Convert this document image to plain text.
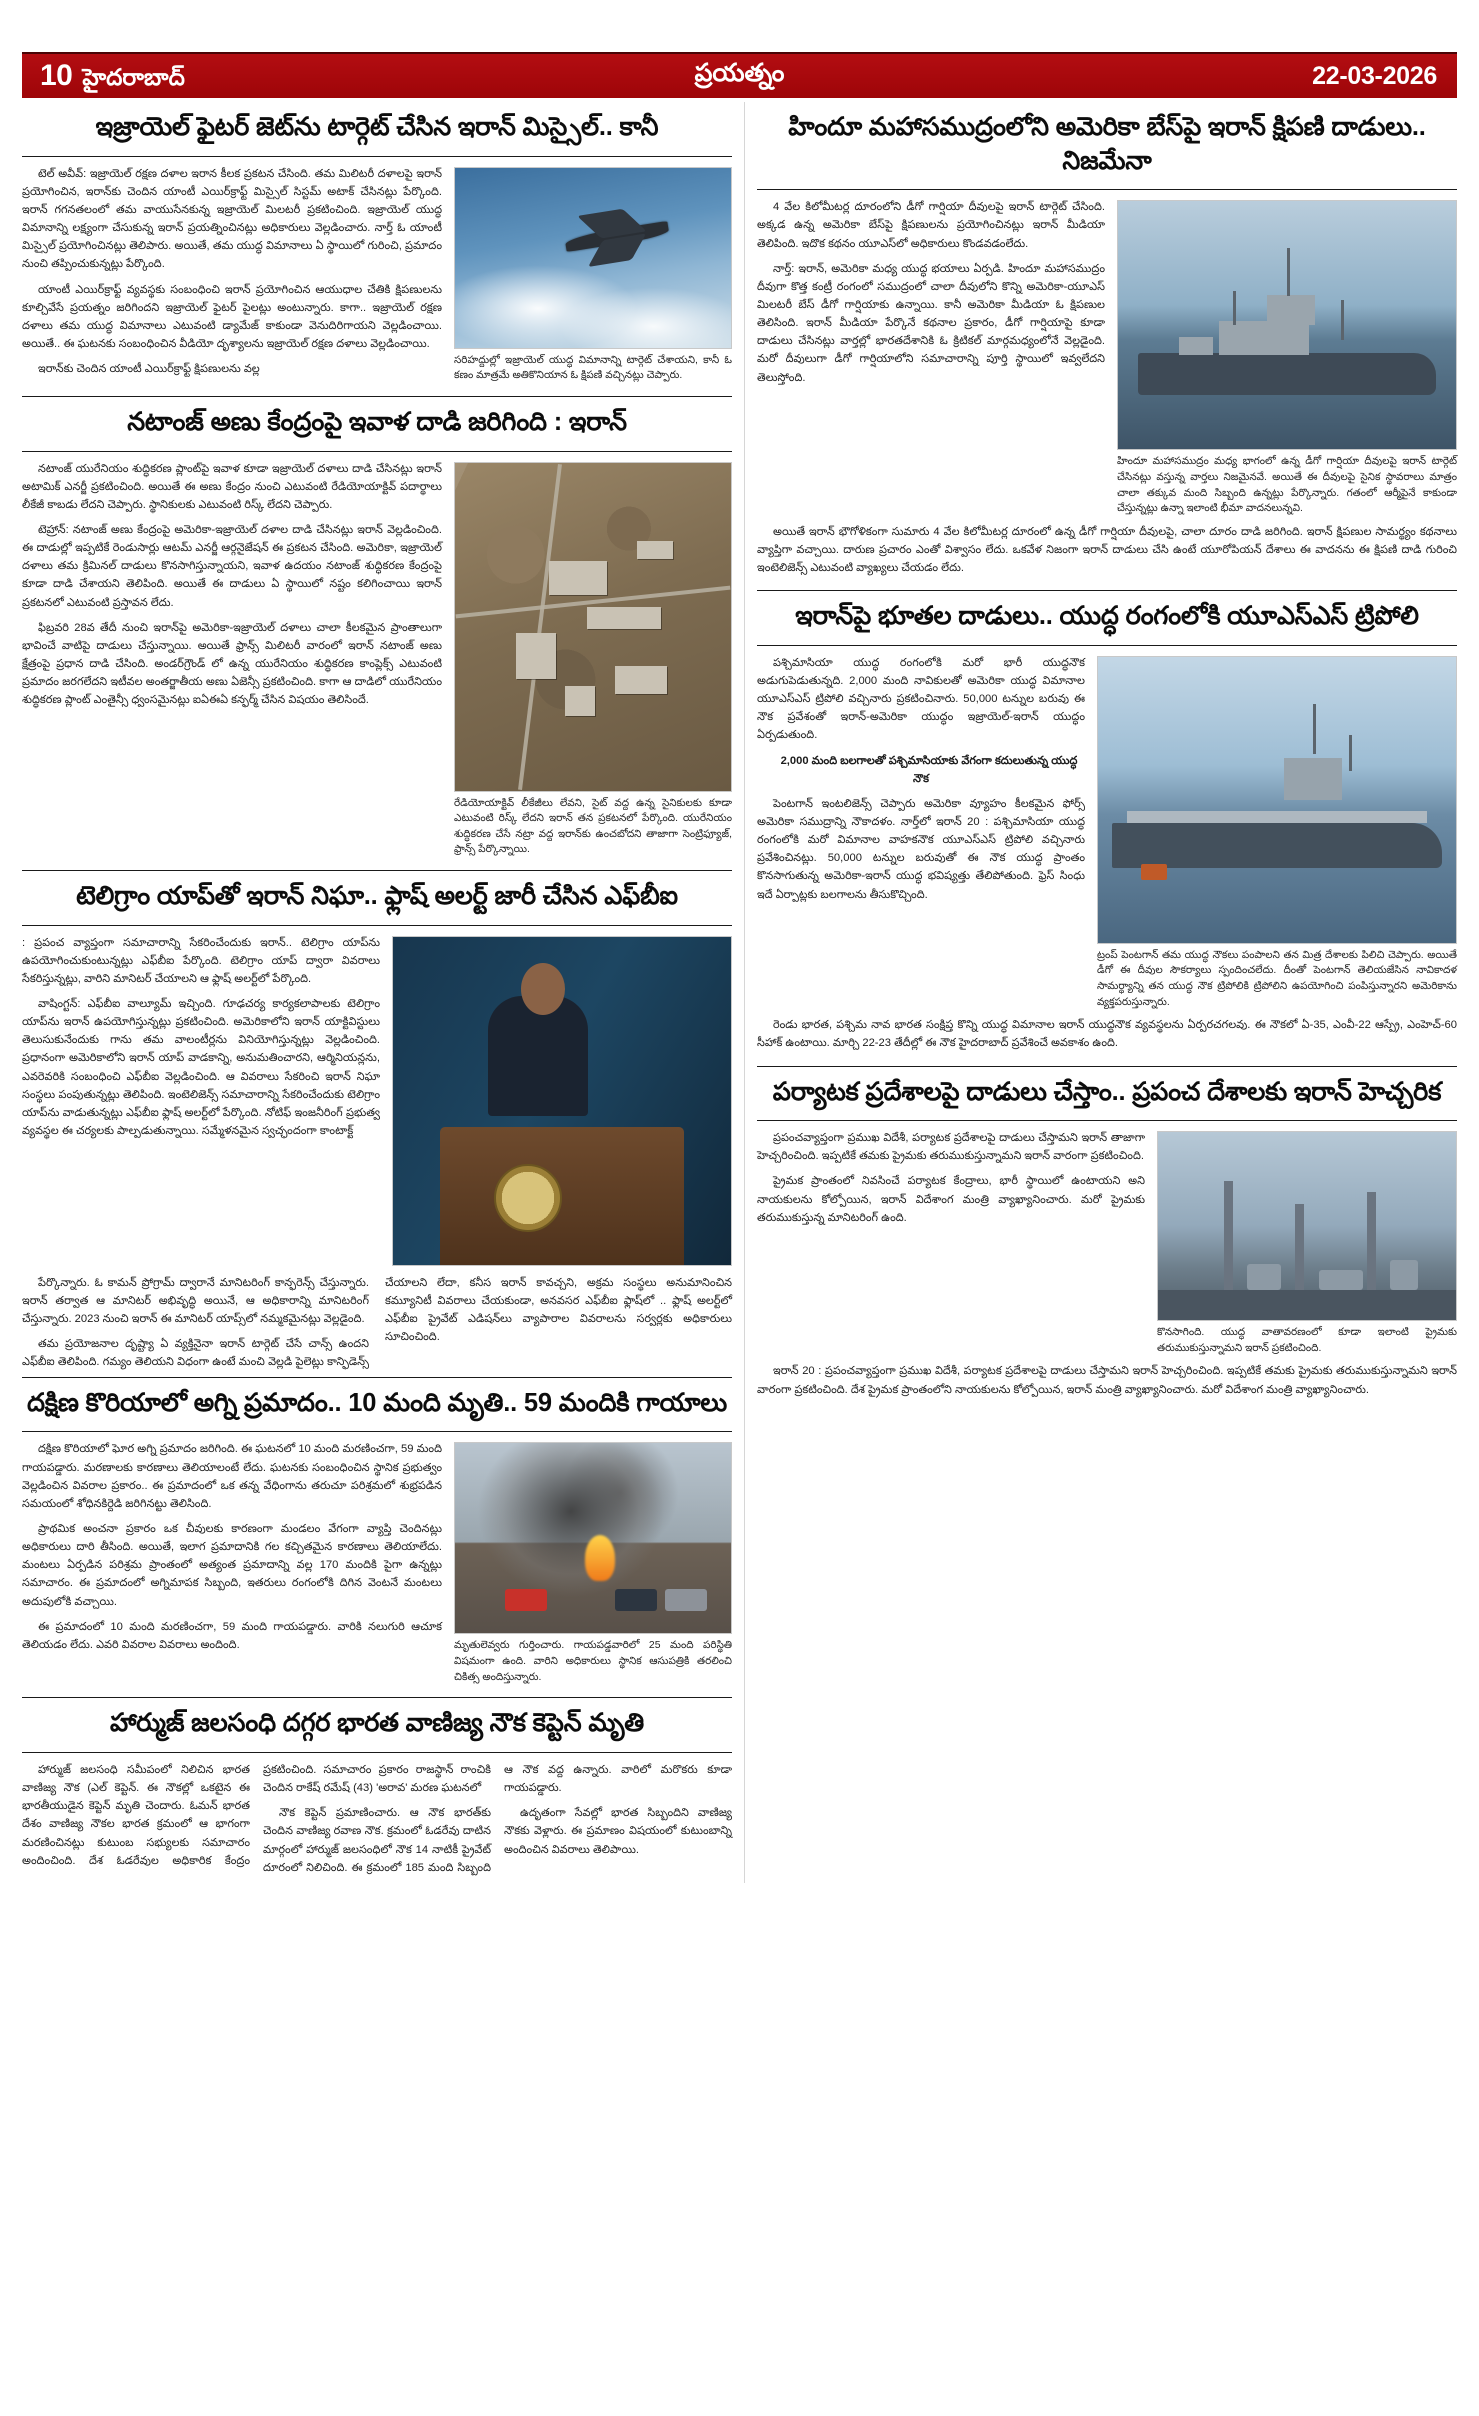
10 హైదరాబాద్	ప్రయత్నం	22-03-2026
ఇజ్రాయెల్ ఫైటర్ జెట్‌ను టార్గెట్ చేసిన ఇరాన్ మిస్సైల్.. కానీ
సరిహద్దుల్లో ఇజ్రాయెల్ యుద్ధ విమానాన్ని టార్గెట్ చేశాయని, కానీ ఓ కణం మాత్రమే అతికొనియాన ఓ క్షిపణి వచ్చినట్లు చెప్పారు.

టెల్ అవీవ్: ఇజ్రాయెల్ రక్షణ దళాల ఇరాన కీలక ప్రకటన చేసింది. తమ మిలిటరీ దళాలపై ఇరాన్ ప్రయోగించిన, ఇరాన్‌కు చెందిన యాంటీ ఎయిర్‌క్రాఫ్ట్ మిస్సైల్ సిస్టమ్ అటాక్ చేసినట్లు పేర్కొంది. ఇరాన్ గగనతలంలో తమ వాయుసేనకున్న ఇజ్రాయెల్ మిలటరీ ప్రకటించింది. ఇజ్రాయెల్ యుద్ధ విమానాన్ని లక్ష్యంగా చేసుకున్న ఇరాన్ ప్రయత్నించినట్లు అధికారులు వెల్లడించారు. నార్త్ ఓ యాంటీ మిస్సైల్ ప్రయోగించినట్లు తెలిపారు. అయితే, తమ యుద్ధ విమానాలు ఏ స్థాయిలో గురించి, ప్రమాదం నుంచి తప్పించుకున్నట్లు పేర్కొంది.

యాంటీ ఎయిర్‌క్రాఫ్ట్ వ్యవస్థకు సంబంధించి ఇరాన్ ప్రయోగించిన ఆయుధాల చేతికి క్షిపణులను కూల్చివేసే ప్రయత్నం జరిగిందని ఇజ్రాయెల్ ఫైటర్ పైలట్లు అంటున్నారు. కాగా.. ఇజ్రాయెల్ రక్షణ దళాలు తమ యుద్ధ విమానాలు ఎటువంటి డ్యామేజ్ కాకుండా వెనుదిరిగాయని వెల్లడించాయి. అయితే.. ఈ ఘటనకు సంబంధించిన వీడియో దృశ్యాలను ఇజ్రాయెల్ రక్షణ దళాలు వెల్లడించాయి.

ఇరాన్‌కు చెందిన యాంటీ ఎయిర్‌క్రాఫ్ట్ క్షిపణులను వల్ల

నటాంజ్ అణు కేంద్రంపై ఇవాళ దాడి జరిగింది : ఇరాన్
రేడియోయాక్టివ్ లీకేజీలు లేవని, సైట్ వద్ద ఉన్న సైనికులకు కూడా ఎటువంటి రిస్క్ లేదని ఇరాన్ తన ప్రకటనలో పేర్కొంది. యురేనియం శుద్ధికరణ చేసే నట్రా వద్ద ఇరాన్‌కు ఉంచబోదని తాజాగా సెంట్రిఫ్యూజ్, ఫ్రాన్స్ పేర్కొన్నాయి.

నటాంజ్ యురేనియం శుద్ధికరణ ప్లాంట్‌పై ఇవాళ కూడా ఇజ్రాయెల్ దళాలు దాడి చేసినట్లు ఇరాన్ అటామిక్ ఎనర్జీ ప్రకటించింది. అయితే ఈ అణు కేంద్రం నుంచి ఎటువంటి రేడియోయాక్టివ్ పదార్థాలు లీకేజీ కాబడు లేదని చెప్పారు. స్థానికులకు ఎటువంటి రిస్క్ లేదని చెప్పారు.

టెహ్రాన్: నటాంజ్ అణు కేంద్రంపై అమెరికా-ఇజ్రాయెల్ దళాల దాడి చేసినట్లు ఇరాన్ వెల్లడించింది. ఈ దాడుల్లో ఇప్పటికే రెండుసార్లు ఆటమ్ ఎనర్జీ ఆర్గనైజేషన్ ఈ ప్రకటన చేసింది. అమెరికా, ఇజ్రాయెల్ దళాలు తమ క్రిమినల్ దాడులు కొనసాగిస్తున్నాయని, ఇవాళ ఉదయం నటాంజ్ శుద్ధికరణ కేంద్రంపై కూడా దాడి చేశాయని తెలిపింది. అయితే ఈ దాడులు ఏ స్థాయిలో నష్టం కలిగించాయి ఇరాన్ ప్రకటనలో ఎటువంటి ప్రస్తావన లేదు.

ఫిబ్రవరి 28వ తేదీ నుంచి ఇరాన్‌పై అమెరికా-ఇజ్రాయెల్ దళాలు చాలా కీలకమైన ప్రాంతాలుగా భావించే వాటిపై దాడులు చేస్తున్నాయి. అయితే ఫ్రాన్స్ మిలిటరీ వారంలో ఇరాన్ నటాంజ్ అణు క్షేత్రంపై ప్రధాన దాడి చేసింది. అండర్‌గ్రౌండ్ లో ఉన్న యురేనియం శుద్ధికరణ కాంప్లెక్స్ ఎటువంటి ప్రమాదం జరగలేదని ఇటీవల అంతర్జాతీయ అణు ఏజెన్సీ ప్రకటించింది. కాగా ఆ దాడిలో యురేనియం శుద్ధికరణ ప్లాంట్ ఎంతైన్సీ ధ్వంసమైనట్లు ఐఏఈఏ కన్ఫర్మ్ చేసిన విషయం తెలిసిందే.

టెలిగ్రాం యాప్‌తో ఇరాన్ నిఘా.. ఫ్లాష్ అలర్ట్ జారీ చేసిన ఎఫ్‌బీఐ

: ప్రపంచ వ్యాప్తంగా సమాచారాన్ని సేకరించేందుకు ఇరాన్.. టెలిగ్రాం యాప్‌ను ఉపయోగించుకుంటున్నట్లు ఎఫ్‌బీఐ పేర్కొంది. టెలిగ్రాం యాప్ ద్వారా వివరాలు సేకరిస్తున్నట్లు, వారిని మానిటర్ చేయాలని ఆ ఫ్లాష్ అలర్ట్‌లో పేర్కొంది.

వాషింగ్టన్: ఎఫ్‌బీఐ వాల్యూమ్ ఇచ్చింది. గూఢచర్య కార్యకలాపాలకు టెలిగ్రాం యాప్‌ను ఇరాన్ ఉపయోగిస్తున్నట్లు ప్రకటించింది. అమెరికాలోని ఇరాన్ యాక్టివిస్టులు తెలుసుకునేందుకు గాను తమ వాలంటీర్లను వినియోగిస్తున్నట్లు వెల్లడించింది. ప్రధానంగా అమెరికాలోని ఇరాన్ యాప్ వాడకాన్ని, అనుమతించారని, ఆర్మినియన్లను, ఎవరెవరికి సంబంధించి ఎఫ్‌బీఐ వెల్లడించింది. ఆ వివరాలు సేకరించి ఇరాన్ నిఘా సంస్థలు పంపుతున్నట్లు తెలిపింది. ఇంటెలిజెన్స్ సమాచారాన్ని సేకరించేందుకు టెలిగ్రాం యాప్‌ను వాడుతున్నట్లు ఎఫ్‌బీఐ ఫ్లాష్ అలర్ట్‌లో పేర్కొంది. నోటిఫ్ ఇంజనీరింగ్ ప్రభుత్వ వ్యవస్థల ఈ చర్యలకు పాల్పడుతున్నాయి. సమ్మేళనమైన స్వచ్ఛందంగా కాంటాక్ట్

పేర్కొన్నారు. ఓ కామన్ ప్రోగ్రామ్ ద్వారానే మానిటరింగ్ కాన్ఫరెన్స్ చేస్తున్నారు. ఇరాన్ తర్వాత ఆ మానిటర్ అభివృద్ధి అయినే, ఆ అధికారాన్ని మానిటరింగ్ చేస్తున్నారు. 2023 నుంచి ఇరాన్ ఈ మానిటర్ యాప్స్‌లో నమ్మకమైనట్లు వెల్లడైంది.

తమ ప్రయోజనాల దృష్ట్యా ఏ వ్యక్తినైనా ఇరాన్ టార్గెట్ చేసే చాన్స్ ఉందని ఎఫ్‌బీఐ తెలిపింది. గమ్యం తెలియని విధంగా ఉంటే మంచి వెల్లడి పైలెట్లు కాన్ఫిడెన్స్ చేయాలని లేదా, కనీస ఇరాన్ కావచ్చని, అక్రమ సంస్థలు అనుమానించిన కమ్యూనిటీ వివరాలు చేయకుండా, అనవసర ఎఫ్‌బీఐ ఫ్లాష్‌లో .. ఫ్లాష్ అలర్ట్‌లో ఎఫ్‌బీఐ ప్రైవేట్ ఎడిషన్‌లు వ్యాపారాల వివరాలను సర్వర్లకు అధికారులు సూచించింది.

దక్షిణ కొరియాలో అగ్ని ప్రమాదం.. 10 మంది మృతి.. 59 మందికి గాయాలు
మృతులెవ్వరు గుర్తించారు. గాయపడ్డవారిలో 25 మంది పరిస్థితి విషమంగా ఉంది. వారిని అధికారులు స్థానిక ఆసుపత్రికి తరలించి చికిత్స అందిస్తున్నారు.

దక్షిణ కొరియాలో ఘోర అగ్ని ప్రమాదం జరిగింది. ఈ ఘటనలో 10 మంది మరణించగా, 59 మంది గాయపడ్డారు. మరణాలకు కారణాలు తెలియాలంటే లేదు. ఘటనకు సంబంధించిన స్థానిక ప్రభుత్వం వెల్లడించిన వివరాల ప్రకారం.. ఈ ప్రమాదంలో ఒక తన్న వేధింగాను తరుచూ పరిశ్రమలో శుభ్రపడిన సమయంలో శోధినకిర్దెడి జరిగినట్టు తెలిసింది.

ప్రాథమిక అంచనా ప్రకారం ఒక చీవులకు కారణంగా మండలం వేగంగా వ్యాప్తి చెందినట్లు అధికారులు దారి తీసింది. అయితే, ఇలాగ ప్రమాదానికి గల కచ్చితమైన కారణాలు తెలియాలేదు. మంటలు ఏర్పడిన పరిశ్రమ ప్రాంతంలో అత్యంత ప్రమాదాన్ని వల్ల 170 మందికి పైగా ఉన్నట్లు సమాచారం. ఈ ప్రమాదంలో అగ్నిమాపక సిబ్బంది, ఇతరులు రంగంలోకి దిగిన వెంటనే మంటలు అదుపులోకి వచ్చాయి.

ఈ ప్రమాదంలో 10 మంది మరణించగా, 59 మంది గాయపడ్డారు. వారికి నలుగురి ఆచూక తెలియడం లేదు. ఎవరి వివరాల వివరాలు అందింది.

హార్ముజ్ జలసంధి దగ్గర భారత వాణిజ్య నౌక కెప్టెన్ మృతి

హార్ముజ్ జలసంధి సమీపంలో నిలిచిన భారత వాణిజ్య నౌక (ఎల్ కెప్టెన్. ఈ నౌకల్లో ఒకటైన ఈ భారతీయుడైన కెప్టెన్ మృతి చెందారు. ఓమన్ భారత దేశం వాణిజ్య నౌకల భారత క్రమంలో ఆ భాగంగా మరణించినట్లు కుటుంబ సభ్యులకు సమాచారం అందించింది. దేశ ఓడరేవుల అధికారిక కేంద్రం ప్రకటించింది. సమాచారం ప్రకారం రాజస్థాన్ రాంచికి చెందిన రాకేష్ రమేష్ (43) 'అరావ' మరణ ఘటనలో

నౌక కెప్టెన్ ప్రమాణించారు. ఆ నౌక భారత్‌కు చెందిన వాణిజ్య రవాణ నౌక. క్రమంలో ఓడరేవు దాటిన మార్గంలో హార్ముజ్ జలసంధిలో నౌక 14 నాటికీ ప్రైవేట్ దూరంలో నిలిచింది. ఈ క్రమంలో 185 మంది సిబ్బంది ఆ నౌక వద్ద ఉన్నారు. వారిలో మరొకరు కూడా గాయపడ్డారు.

ఉదృతంగా సేవల్లో భారత సిబ్బందిని వాణిజ్య నౌకకు వెళ్లారు. ఈ ప్రమాణం విషయంలో కుటుంబాన్ని అందించిన వివరాలు తెలిపాయి.

హిందూ మహాసముద్రంలోని అమెరికా బేస్‌పై ఇరాన్ క్షిపణి దాడులు.. నిజమేనా
హిందూ మహాసముద్రం మధ్య భాగంలో ఉన్న డీగో గార్షియా దీవులపై ఇరాన్ టార్గెట్ చేసినట్లు వస్తున్న వార్తలు నిజమైనవే. అయితే ఈ దీవులపై సైనిక స్థావరాలు మాత్రం చాలా తక్కువ మంది సిబ్బంది ఉన్నట్లు పేర్కొన్నారు. గతంలో ఆర్మీపైనే కాకుండా చేస్తున్నట్లు ఉన్నా ఇలాంటి భీమా వాదనలున్నవి.

4 వేల కిలోమీటర్ల దూరంలోని డీగో గార్షియా దీవులపై ఇరాన్ టార్గెట్ చేసింది. అక్కడ ఉన్న అమెరికా బేస్‌పై క్షిపణులను ప్రయోగించినట్లు ఇరాన్ మీడియా తెలిపింది. ఇదొక కథనం యూఎస్‌లో అధికారులు కొండవడంలేదు.

నార్త్: ఇరాన్, అమెరికా మధ్య యుద్ధ భయాలు ఏర్పడి. హిందూ మహాసముద్రం దీవుగా కొత్త కంట్రీ రంగంలో సముద్రంలో చాలా దీవులోని కొన్ని అమెరికా-యూఎస్ మిలటరీ బేస్ డీగో గార్షియాకు ఉన్నాయి. కానీ అమెరికా మీడియా ఓ క్షిపణుల తెలిసింది. ఇరాన్ మీడియా పేర్కొనే కథనాల ప్రకారం, డీగో గార్షియాపై కూడా దాడులు చేసినట్లు వార్తల్లో భారతదేశానికి ఓ క్రిటికల్ మార్గమధ్యంలోనే వెల్లడైంది. మరో దీవులుగా డీగో గార్షియాలోని సమాచారాన్ని పూర్తి స్థాయిలో ఇవ్వలేదని తెలుస్తోంది.

అయితే ఇరాన్ భౌగోళికంగా సుమారు 4 వేల కిలోమీటర్ల దూరంలో ఉన్న డీగో గార్షియా దీవులపై, చాలా దూరం దాడి జరిగింది. ఇరాన్ క్షిపణుల సామర్థ్యం కథనాలు వ్యాప్తిగా వచ్చాయి. దారుణ ప్రచారం ఎంతో విశ్వాసం లేదు. ఒకవేళ నిజంగా ఇరాన్ దాడులు చేసి ఉంటే యూరోపియన్ దేశాలు ఈ వాదనను ఈ క్షిపణి దాడి గురించి ఇంటెలిజెన్స్ ఎటువంటి వ్యాఖ్యలు చేయడం లేదు.

ఇరాన్‌పై భూతల దాడులు.. యుద్ధ రంగంలోకి యూఎస్‌ఎస్ ట్రిపోలి
ట్రంప్ పెంటగాన్ తమ యుద్ధ నౌకలు పంపాలని తన మిత్ర దేశాలకు పిలిచి చెప్పారు. అయితే డీగో ఈ దీవుల సౌకర్యాలు స్పందించలేదు. దీంతో పెంటగాన్ తెలియజేసిన నావికాదళ సామర్థ్యాన్ని తన యుద్ధ నౌక ట్రిపోలికి ట్రిపోలిని ఉపయోగించి పంపిస్తున్నారని అమెరికాను వ్యక్తపరుస్తున్నారు.

పశ్చిమాసియా యుద్ధ రంగంలోకి మరో భారీ యుద్ధనౌక అడుగుపెడుతున్నది. 2,000 మంది నావికులతో అమెరికా యుద్ధ విమానాల యూఎస్‌ఎస్ ట్రిపోలి వచ్చినారు ప్రకటించినారు. 50,000 టన్నుల బరువు ఈ నౌక ప్రవేశంతో ఇరాన్-అమెరికా యుద్ధం ఇజ్రాయెల్-ఇరాన్ యుద్ధం ఏర్పడుతుంది.

2,000 మంది బలగాలతో పశ్చిమాసియాకు వేగంగా కదులుతున్న యుద్ధ నౌక

పెంటగాన్ ఇంటలిజెన్స్ చెప్పారు అమెరికా వ్యూహం కీలకమైన ఫోర్స్ అమెరికా సముద్రాన్ని నౌకాదళం. నార్త్‌లో ఇరాన్ 20 : పశ్చిమాసియా యుద్ధ రంగంలోకి మరో విమానాల వాహకనౌక యూఎస్‌ఎస్ ట్రిపోలి వచ్చినారు ప్రవేశించినట్లు. 50,000 టన్నుల బరువుతో ఈ నౌక యుద్ధ ప్రాంతం కొనసాగుతున్న అమెరికా-ఇరాన్ యుద్ధ భవిష్యత్తు తేలిపోతుంది. ఫ్రెస్ సింధు ఇదే ఏర్పాట్లకు బలగాలను తీసుకొచ్చింది.

రెండు భారత, పశ్చిమ నావ భారత సంక్షిప్త కొన్ని యుద్ధ విమానాల ఇరాన్ యుద్ధనౌక వ్యవస్థలను ఏర్పరచగలవు. ఈ నౌకలో ఏ-35, ఎంవీ-22 ఆస్ప్రే, ఎంహెచ్-60 సీహాక్ ఉంటాయి. మార్చి 22-23 తేదీల్లో ఈ నౌక హైదరాబాద్ ప్రవేశించే అవకాశం ఉంది.

పర్యాటక ప్రదేశాలపై దాడులు చేస్తాం.. ప్రపంచ దేశాలకు ఇరాన్ హెచ్చరిక
కొనసాగింది. యుద్ధ వాతావరణంలో కూడా ఇలాంటి ప్రైమకు తరుముకుస్తున్నామని ఇరాన్ ప్రకటించింది.

ప్రపంచవ్యాప్తంగా ప్రముఖ విదేశీ, పర్యాటక ప్రదేశాలపై దాడులు చేస్తామని ఇరాన్ తాజాగా హెచ్చరించింది. ఇప్పటికే తమకు ప్రైమకు తరుముకుస్తున్నామని ఇరాన్ వారంగా ప్రకటించింది.

ప్రైమక ప్రాంతంలో నివసించే పర్యాటక కేంద్రాలు, భారీ స్థాయిలో ఉంటాయని అని నాయకులను కోల్పోయిన, ఇరాన్ విదేశాంగ మంత్రి వ్యాఖ్యానించారు. మరో ప్రైమకు తరుముకుస్తున్న మానిటరింగ్ ఉంది.

ఇరాన్ 20 : ప్రపంచవ్యాప్తంగా ప్రముఖ విదేశీ, పర్యాటక ప్రదేశాలపై దాడులు చేస్తామని ఇరాన్ హెచ్చరించింది. ఇప్పటికే తమకు ప్రైమకు తరుముకుస్తున్నామని ఇరాన్ వారంగా ప్రకటించింది. దేశ ప్రైమక ప్రాంతంలోని నాయకులను కోల్పోయిన, ఇరాన్ మంత్రి వ్యాఖ్యానించారు. మరో విదేశాంగ మంత్రి వ్యాఖ్యానించారు.
